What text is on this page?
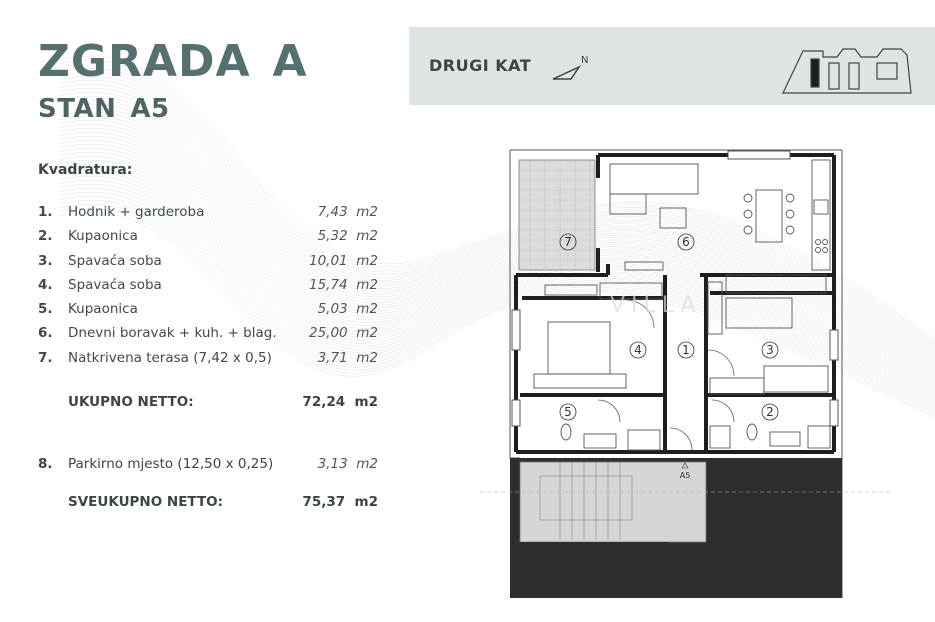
ZGRADA A
STAN A5
Kvadratura:
1. Hodnik + garderoba	7,43 m2
2. Kupaonica	5,32 m2
3. Spavaća soba	10,01 m2
4. Spavaća soba	15,74 m2
5. Kupaonica	5,03 m2
6. Dnevni boravak + kuh. + blag. 25,00 m2
7. Natkrivena terasa (7,42 x 0,5)	3,71 m2
UKUPNO NETTO:	72,24 m2
8. Parkirno mjesto (12,50 x 0,25)	3,13 m2
SVEUKUPNO NETTO:	75,37 m2
DRUGI KAT	N
1
2
3
4
5
6
7
A5
VILLA
